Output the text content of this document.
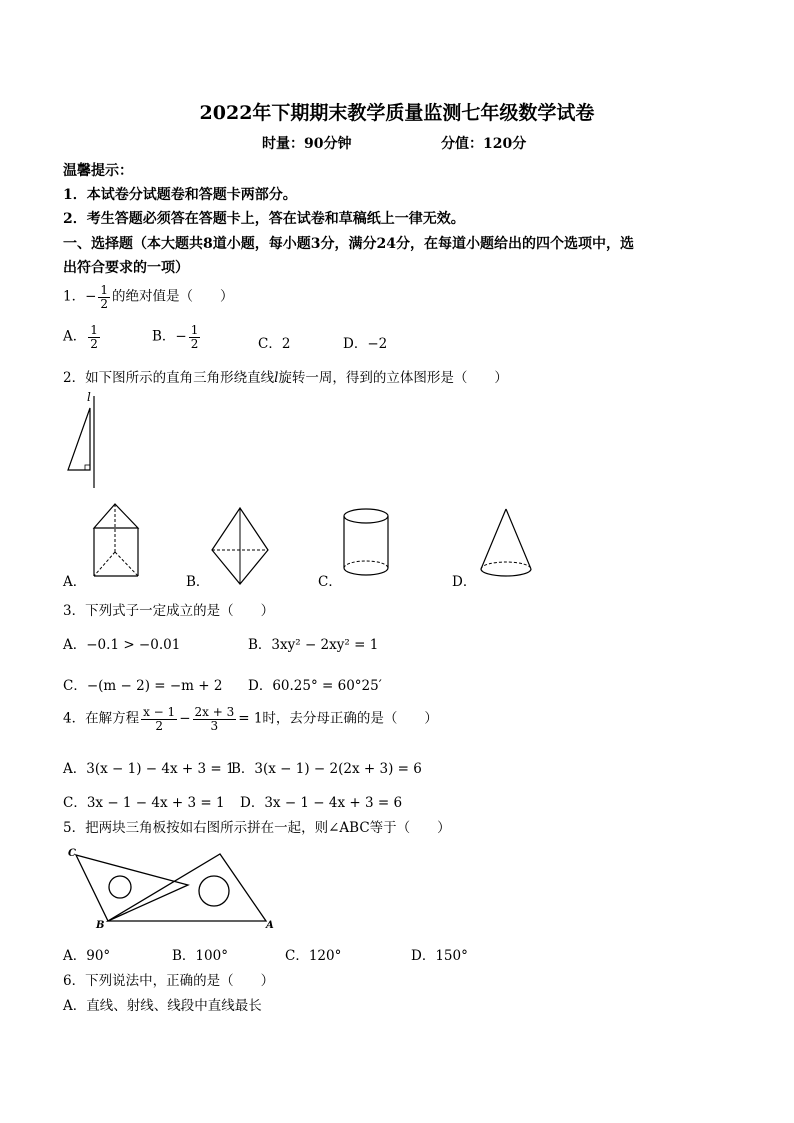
2022年下期期末教学质量监测七年级数学试卷
时量：90分钟	分值：120分
温馨提示：
1．本试卷分试题卷和答题卡两部分。
2．考生答题必须答在答题卡上，答在试卷和草稿纸上一律无效。
一、选择题（本大题共8道小题，每小题3分，满分24分，在每道小题给出的四个选项中，选
出符合要求的一项）
1．− $\frac{1}{2}$ 的绝对值是（　　）
A． $\frac{1}{2}$	B．− $\frac{1}{2}$	C．2	D．−2
2．如下图所示的直角三角形绕直线l旋转一周，得到的立体图形是（　　）
l
A．	B．	C．	D．
3．下列式子一定成立的是（　　）
A．−0.1 > −0.01	B．3xy² − 2xy² = 1
C．−(m − 2) = −m + 2 D．60.25° = 60°25′
4．在解方程 $\frac{x - 1}{2} - \frac{2x + 3}{3} = 1$时，去分母正确的是（　　）
A．3(x − 1) − 4x + 3 = 1
B．3(x − 1) − 2(2x + 3) = 6
C．3x − 1 − 4x + 3 = 1 D．3x − 1 − 4x + 3 = 6
5．把两块三角板按如右图所示拼在一起，则∠ABC等于（　　）
C
B	A
A．90°	B．100°	C．120°	D．150°
6．下列说法中，正确的是（　　）
A．直线、射线、线段中直线最长
